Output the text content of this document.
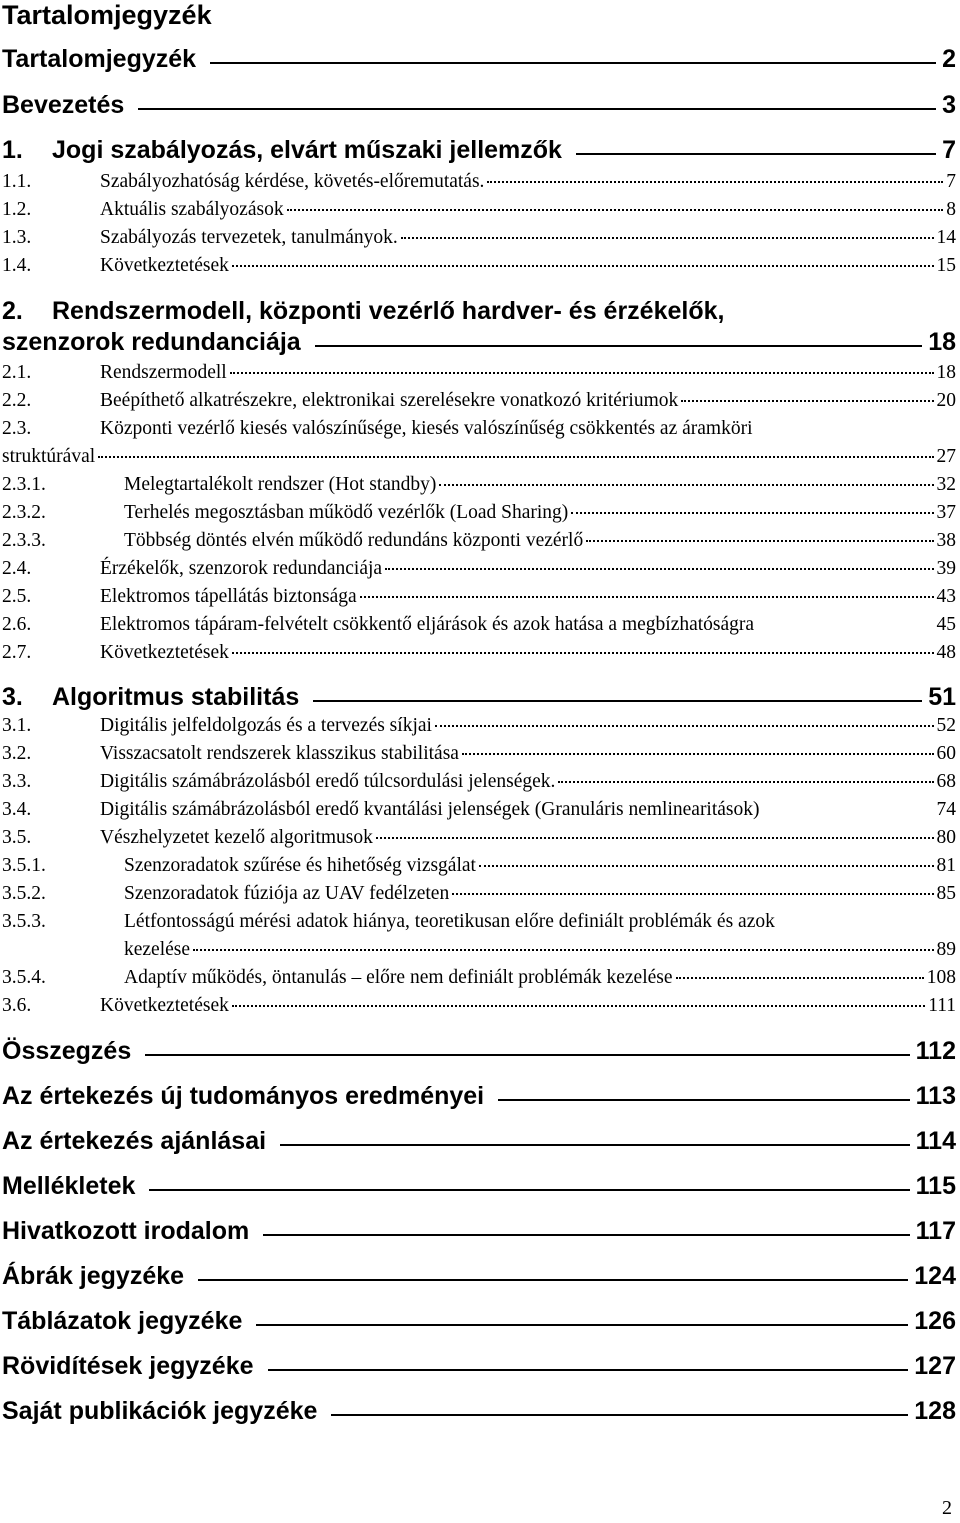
Tartalomjegyzék
Tartalomjegyzék	2
Bevezetés	3
1.	Jogi szabályozás, elvárt műszaki jellemzők	7
1.1.	Szabályozhatóság kérdése, követés-előremutatás.	7
1.2.	Aktuális szabályozások	8
1.3.	Szabályozás tervezetek, tanulmányok.	14
1.4.	Következtetések	15
2. Rendszermodell, központi vezérlő hardver- és érzékelők,
szenzorok redundanciája	18
2.1.	Rendszermodell	18
2.2.	Beépíthető alkatrészekre, elektronikai szerelésekre vonatkozó kritériumok	20
2.3.	Központi vezérlő kiesés valószínűsége, kiesés valószínűség csökkentés az áramköri
struktúrával	27
2.3.1.	Melegtartalékolt rendszer (Hot standby)	32
2.3.2.	Terhelés megosztásban működő vezérlők (Load Sharing)	37
2.3.3.	Többség döntés elvén működő redundáns központi vezérlő	38
2.4.	Érzékelők, szenzorok redundanciája	39
2.5.	Elektromos tápellátás biztonsága	43
2.6.	Elektromos tápáram-felvételt csökkentő eljárások és azok hatása a megbízhatóságra	45
2.7.	Következtetések	48
3.	Algoritmus stabilitás	51
3.1.	Digitális jelfeldolgozás és a tervezés síkjai	52
3.2.	Visszacsatolt rendszerek klasszikus stabilitása	60
3.3.	Digitális számábrázolásból eredő túlcsordulási jelenségek.	68
3.4.	Digitális számábrázolásból eredő kvantálási jelenségek (Granuláris nemlinearitások)	74
3.5.	Vészhelyzetet kezelő algoritmusok	80
3.5.1.	Szenzoradatok szűrése és hihetőség vizsgálat	81
3.5.2.	Szenzoradatok fúziója az UAV fedélzeten	85
3.5.3.	Létfontosságú mérési adatok hiánya, teoretikusan előre definiált problémák és azok
kezelése	89
3.5.4.	Adaptív működés, öntanulás – előre nem definiált problémák kezelése	108
3.6.	Következtetések	111
Összegzés	112
Az értekezés új tudományos eredményei	113
Az értekezés ajánlásai	114
Mellékletek	115
Hivatkozott irodalom	117
Ábrák jegyzéke	124
Táblázatok jegyzéke	126
Rövidítések jegyzéke	127
Saját publikációk jegyzéke	128
2
